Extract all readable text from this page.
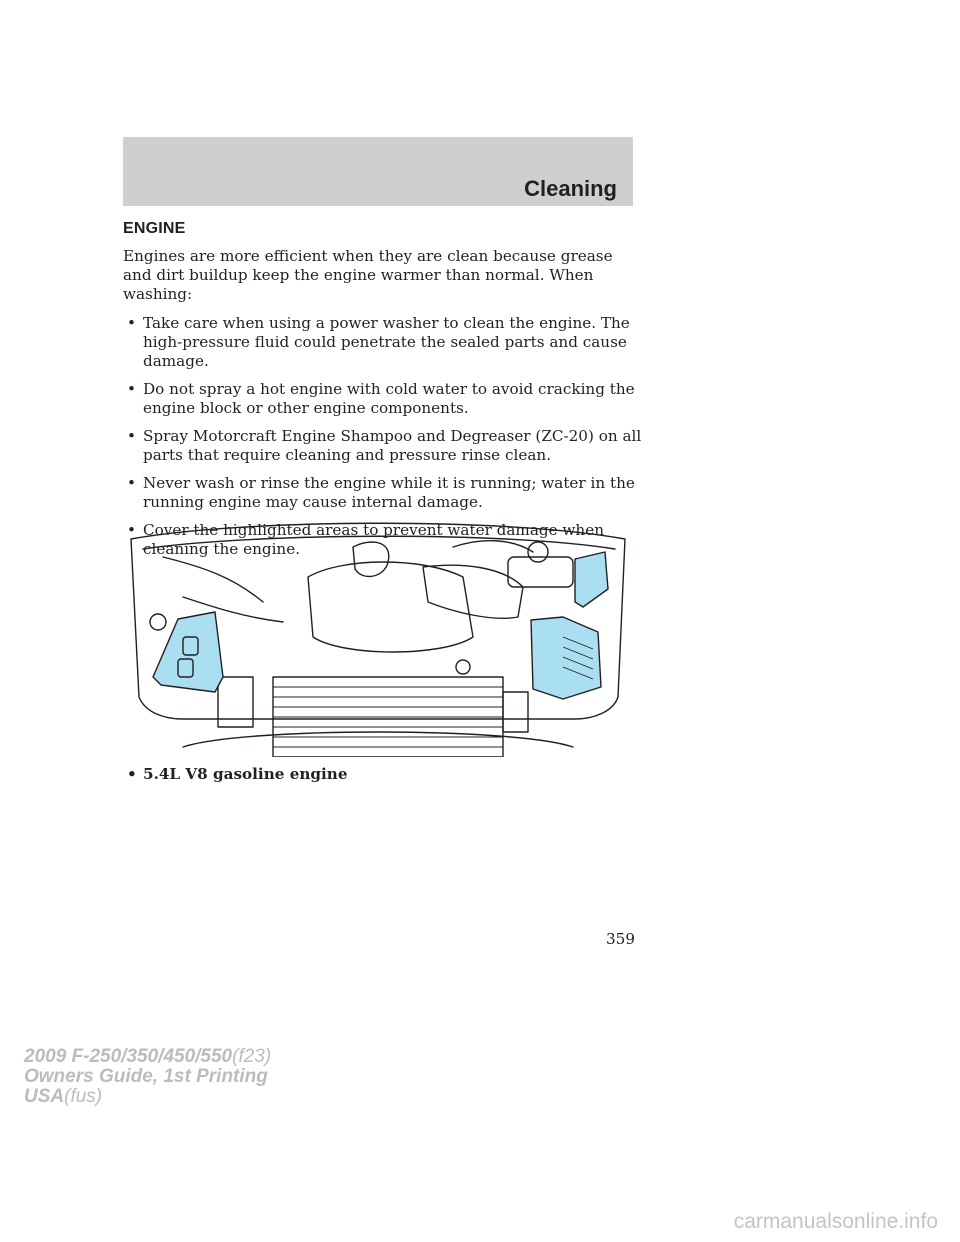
Cleaning
ENGINE

Engines are more efficient when they are clean because grease and dirt buildup keep the engine warmer than normal. When washing:

• Take care when using a power washer to clean the engine. The high-pressure fluid could penetrate the sealed parts and cause damage.
• Do not spray a hot engine with cold water to avoid cracking the engine block or other engine components.
• Spray Motorcraft Engine Shampoo and Degreaser (ZC-20) on all parts that require cleaning and pressure rinse clean.
• Never wash or rinse the engine while it is running; water in the running engine may cause internal damage.
• Cover the highlighted areas to prevent water damage when cleaning the engine.
• 5.4L V8 gasoline engine
359
2009 F-250/350/450/550(f23)
Owners Guide, 1st Printing
USA(fus)
carmanualsonline.info
